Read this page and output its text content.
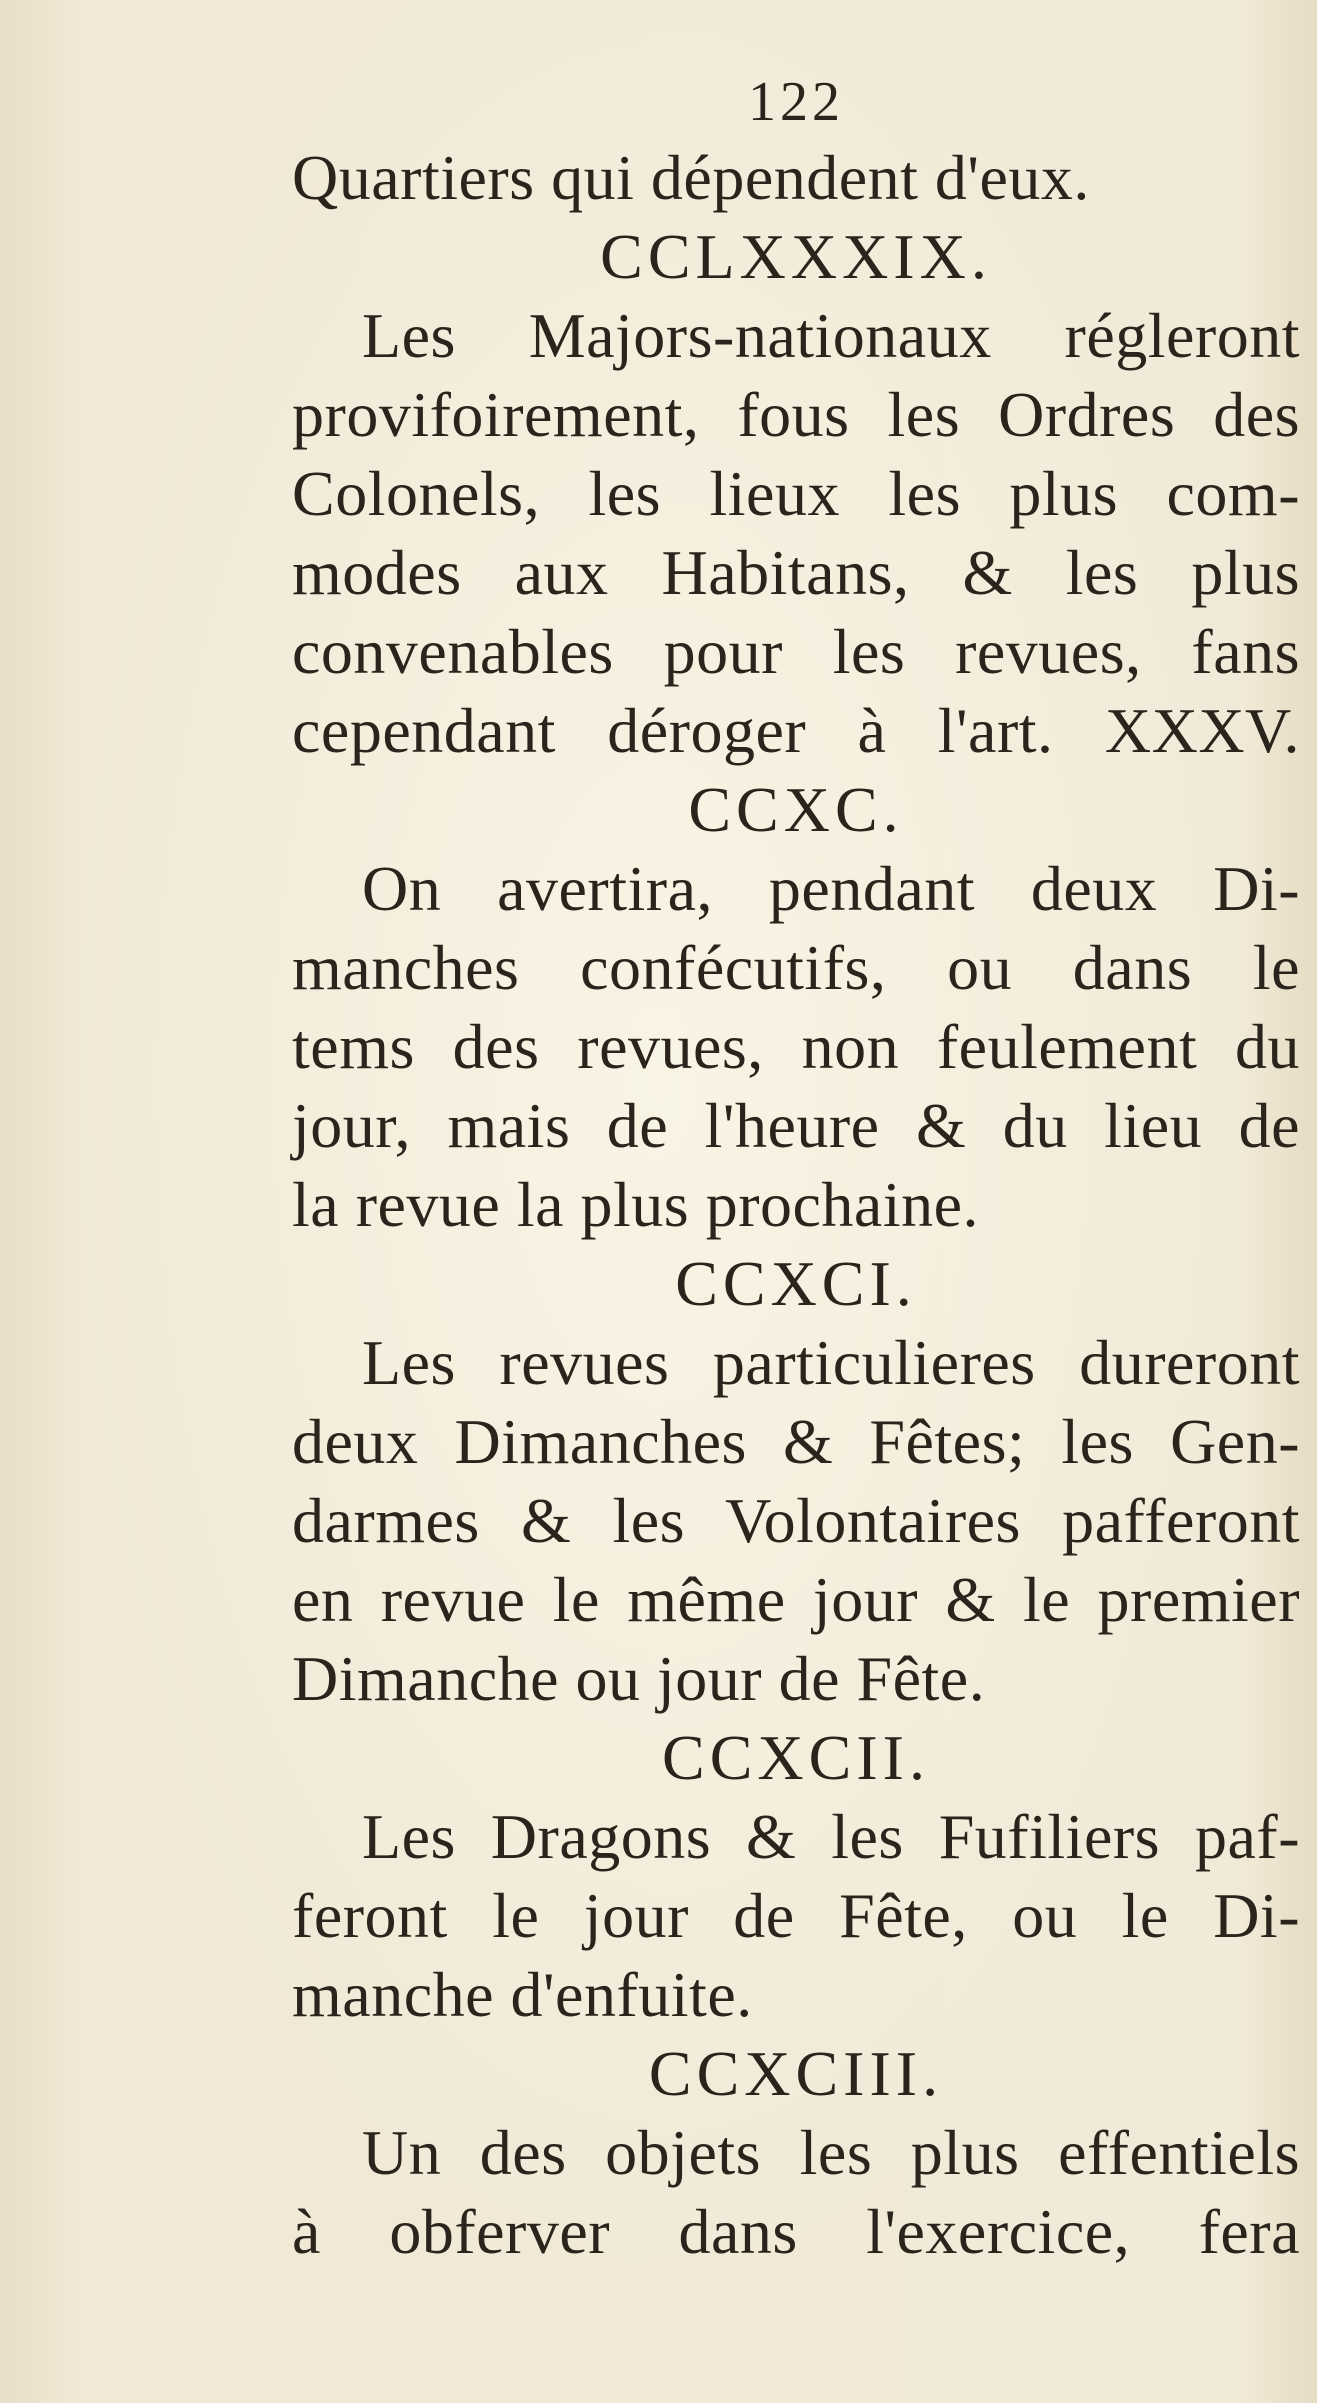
122
Quartiers qui dépendent d'eux.
CCLXXXIX.
Les Majors-nationaux régleront
provifoirement, fous les Ordres des
Colonels, les lieux les plus com-
modes aux Habitans, & les plus
convenables pour les revues, fans
cependant déroger à l'art. XXXV.
CCXC.
On avertira, pendant deux Di-
manches confécutifs, ou dans le
tems des revues, non feulement du
jour, mais de l'heure & du lieu de
la revue la plus prochaine.
CCXCI.
Les revues particulieres dureront
deux Dimanches & Fêtes; les Gen-
darmes & les Volontaires pafferont
en revue le même jour & le premier
Dimanche ou jour de Fête.
CCXCII.
Les Dragons & les Fufiliers paf-
feront le jour de Fête, ou le Di-
manche d'enfuite.
CCXCIII.
Un des objets les plus effentiels
à obferver dans l'exercice, fera
